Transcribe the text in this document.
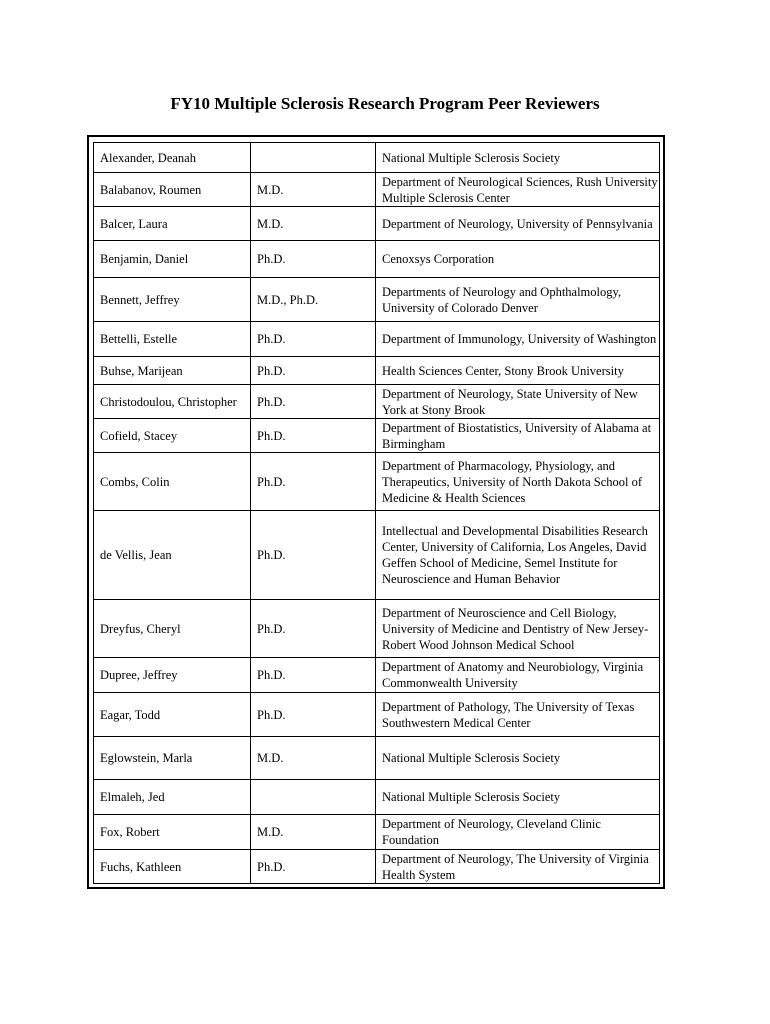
FY10 Multiple Sclerosis Research Program Peer Reviewers
Alexander, Deanah		National Multiple Sclerosis Society
Balabanov, Roumen	M.D.	Department of Neurological Sciences, Rush University Multiple Sclerosis Center
Balcer, Laura	M.D.	Department of Neurology, University of Pennsylvania
Benjamin, Daniel	Ph.D.	Cenoxsys Corporation
Bennett, Jeffrey	M.D., Ph.D.	Departments of Neurology and Ophthalmology, University of Colorado Denver
Bettelli, Estelle	Ph.D.	Department of Immunology, University of Washington
Buhse, Marijean	Ph.D.	Health Sciences Center, Stony Brook University
Christodoulou, Christopher	Ph.D.	Department of Neurology, State University of New York at Stony Brook
Cofield, Stacey	Ph.D.	Department of Biostatistics, University of Alabama at Birmingham
Combs, Colin	Ph.D.	Department of Pharmacology, Physiology, and Therapeutics, University of North Dakota School of Medicine & Health Sciences
de Vellis, Jean	Ph.D.	Intellectual and Developmental Disabilities Research Center, University of California, Los Angeles, David Geffen School of Medicine, Semel Institute for Neuroscience and Human Behavior
Dreyfus, Cheryl	Ph.D.	Department of Neuroscience and Cell Biology, University of Medicine and Dentistry of New Jersey-Robert Wood Johnson Medical School
Dupree, Jeffrey	Ph.D.	Department of Anatomy and Neurobiology, Virginia Commonwealth University
Eagar, Todd	Ph.D.	Department of Pathology, The University of Texas Southwestern Medical Center
Eglowstein, Marla	M.D.	National Multiple Sclerosis Society
Elmaleh, Jed		National Multiple Sclerosis Society
Fox, Robert	M.D.	Department of Neurology, Cleveland Clinic Foundation
Fuchs, Kathleen	Ph.D.	Department of Neurology, The University of Virginia Health System
